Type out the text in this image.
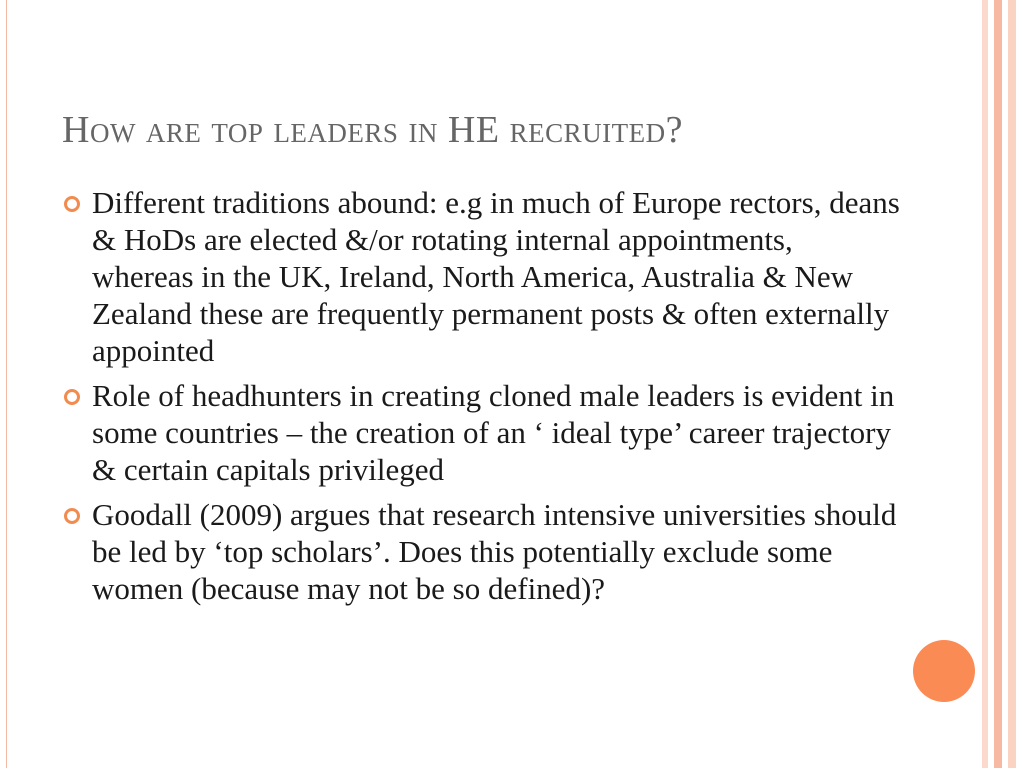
How are top leaders in HE recruited?
Different traditions abound: e.g in much of Europe rectors, deans & HoDs are elected &/or rotating internal appointments, whereas in the UK, Ireland, North America, Australia & New Zealand these are frequently permanent posts & often externally appointed
Role of headhunters in creating cloned male leaders is evident in some countries – the creation of an ‘ ideal type’ career trajectory & certain capitals privileged
Goodall (2009) argues that research intensive universities should be led by ‘top scholars’. Does this potentially exclude some women (because may not be so defined)?
